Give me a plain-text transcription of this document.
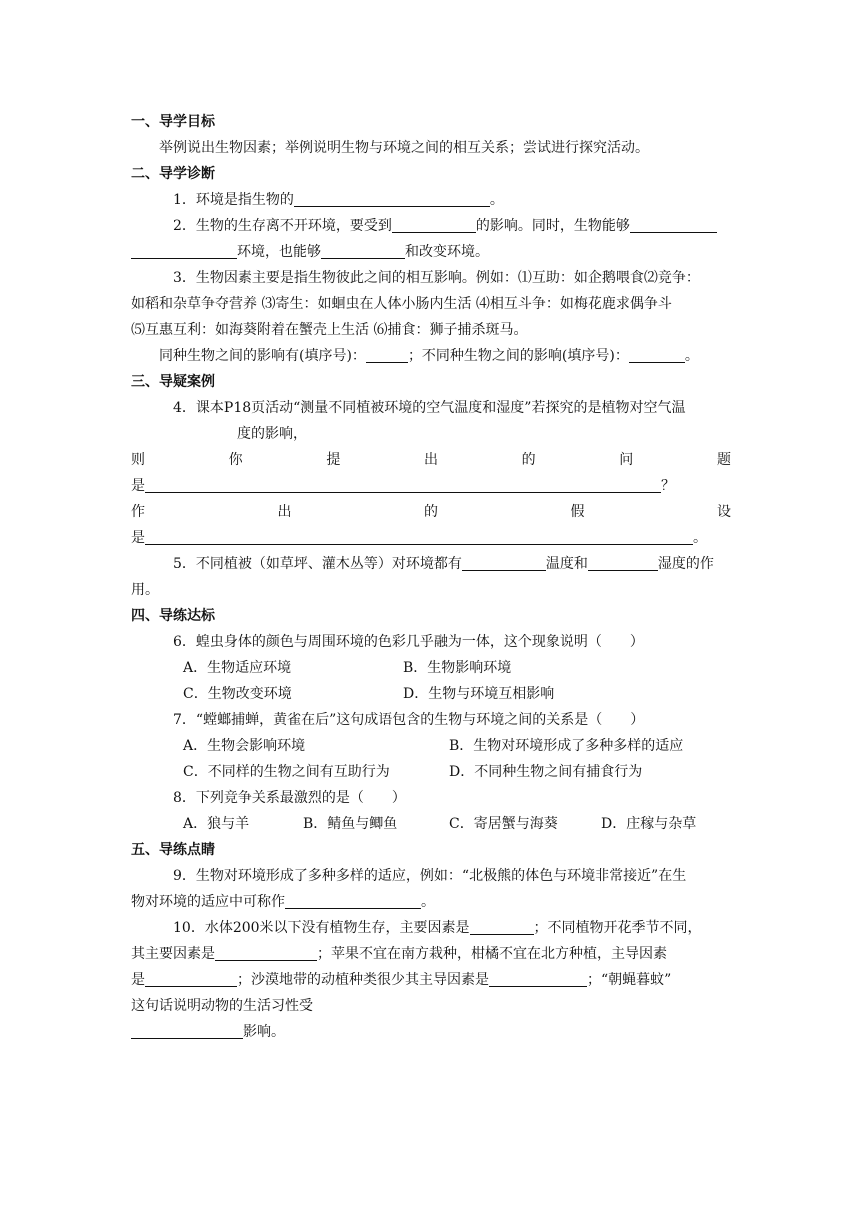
一、导学目标
举例说出生物因素；举例说明生物与环境之间的相互关系；尝试进行探究活动。
二、导学诊断
1．环境是指生物的	。
2．生物的生存离不开环境，要受到	的影响。同时，生物能够
环境，也能够	和改变环境。
3．生物因素主要是指生物彼此之间的相互影响。例如：⑴互助：如企鹅喂食⑵竞争：
如稻和杂草争夺营养 ⑶寄生：如蛔虫在人体小肠内生活 ⑷相互斗争：如梅花鹿求偶争斗
⑸互惠互利：如海葵附着在蟹壳上生活 ⑹捕食：狮子捕杀斑马。
同种生物之间的影响有(填序号)：	；不同种生物之间的影响(填序号)：	。
三、导疑案例
4．课本P18页活动“测量不同植被环境的空气温度和湿度”若探究的是植物对空气温
度的影响，
则	你	提	出	的	问	题
是	？
作	出	的	假	设
是	。
5．不同植被（如草坪、灌木丛等）对环境都有	温度和	湿度的作
用。
四、导练达标
6．蝗虫身体的颜色与周围环境的色彩几乎融为一体，这个现象说明（　　）
A．生物适应环境	B．生物影响环境
C．生物改变环境	D．生物与环境互相影响
7．“螳螂捕蝉，黄雀在后”这句成语包含的生物与环境之间的关系是（　　）
A．生物会影响环境	B．生物对环境形成了多种多样的适应
C．不同样的生物之间有互助行为	D．不同种生物之间有捕食行为
8．下列竞争关系最激烈的是（　　）
A．狼与羊	B．鲭鱼与鲫鱼	C．寄居蟹与海葵	D．庄稼与杂草
五、导练点睛
9．生物对环境形成了多种多样的适应，例如：“北极熊的体色与环境非常接近”在生
物对环境的适应中可称作	。
10．水体200米以下没有植物生存，主要因素是	；不同植物开花季节不同，
其主要因素是	；苹果不宜在南方栽种，柑橘不宜在北方种植，主导因素
是	；沙漠地带的动植种类很少其主导因素是	；“朝蝇暮蚊”
这句话说明动物的生活习性受
影响。
